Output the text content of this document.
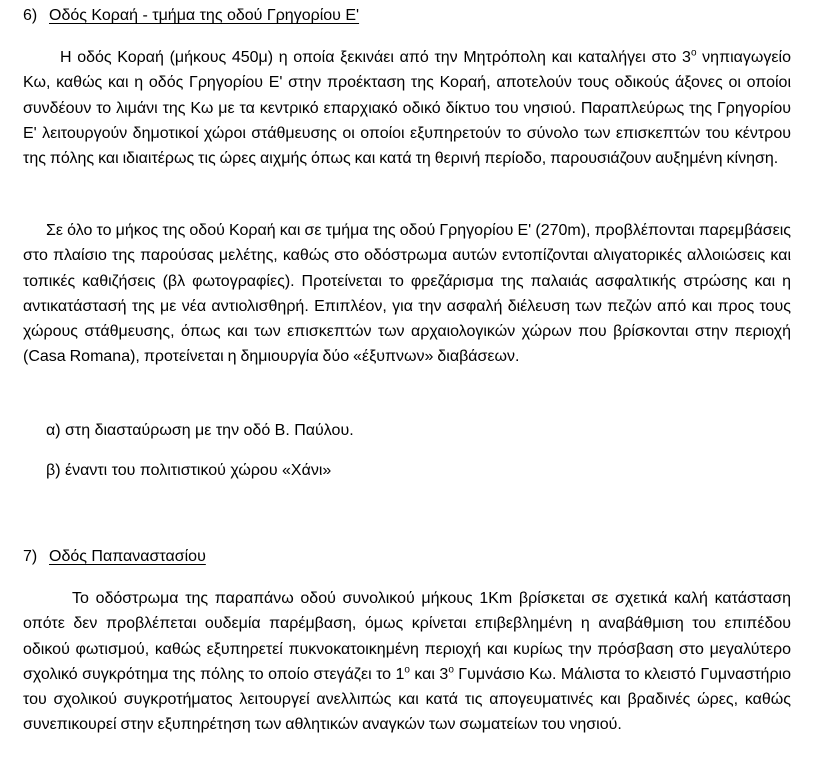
6) Οδός Κοραή - τμήμα της οδού Γρηγορίου Ε'

Η οδός Κοραή (μήκους 450μ) η οποία ξεκινάει από την Μητρόπολη και καταλήγει στο $3^o$ νηπιαγωγείο Κω, καθώς και η οδός Γρηγορίου Ε' στην προέκταση της Κοραή, αποτελούν τους οδικούς άξονες οι οποίοι συνδέουν το λιμάνι της Κω με τα κεντρικό επαρχιακό οδικό δίκτυο του νησιού. Παραπλεύρως της Γρηγορίου Ε' λειτουργούν δημοτικοί χώροι στάθμευσης οι οποίοι εξυπηρετούν το σύνολο των επισκεπτών του κέντρου της πόλης και ιδιαιτέρως τις ώρες αιχμής όπως και κατά τη θερινή περίοδο, παρουσιάζουν αυξημένη κίνηση.

Σε όλο το μήκος της οδού Κοραή και σε τμήμα της οδού Γρηγορίου Ε' (270m), προβλέπονται παρεμβάσεις στο πλαίσιο της παρούσας μελέτης, καθώς στο οδόστρωμα αυτών εντοπίζονται αλιγατορικές αλλοιώσεις και τοπικές καθιζήσεις (βλ φωτογραφίες). Προτείνεται το φρεζάρισμα της παλαιάς ασφαλτικής στρώσης και η αντικατάστασή της με νέα αντιολισθηρή. Επιπλέον, για την ασφαλή διέλευση των πεζών από και προς τους χώρους στάθμευσης, όπως και των επισκεπτών των αρχαιολογικών χώρων που βρίσκονται στην περιοχή (Casa Romana), προτείνεται η δημιουργία δύο «έξυπνων» διαβάσεων.

α) στη διασταύρωση με την οδό Β. Παύλου.

β) έναντι του πολιτιστικού χώρου «Χάνι»

7) Οδός Παπαναστασίου

Το οδόστρωμα της παραπάνω οδού συνολικού μήκους 1Km βρίσκεται σε σχετικά καλή κατάσταση οπότε δεν προβλέπεται ουδεμία παρέμβαση, όμως κρίνεται επιβεβλημένη η αναβάθμιση του επιπέδου οδικού φωτισμού, καθώς εξυπηρετεί πυκνοκατοικημένη περιοχή και κυρίως την πρόσβαση στο μεγαλύτερο σχολικό συγκρότημα της πόλης το οποίο στεγάζει το $1^o$ και $3^o$ Γυμνάσιο Κω. Μάλιστα το κλειστό Γυμναστήριο του σχολικού συγκροτήματος λειτουργεί ανελλιπώς και κατά τις απογευματινές και βραδινές ώρες, καθώς συνεπικουρεί στην εξυπηρέτηση των αθλητικών αναγκών των σωματείων του νησιού.
